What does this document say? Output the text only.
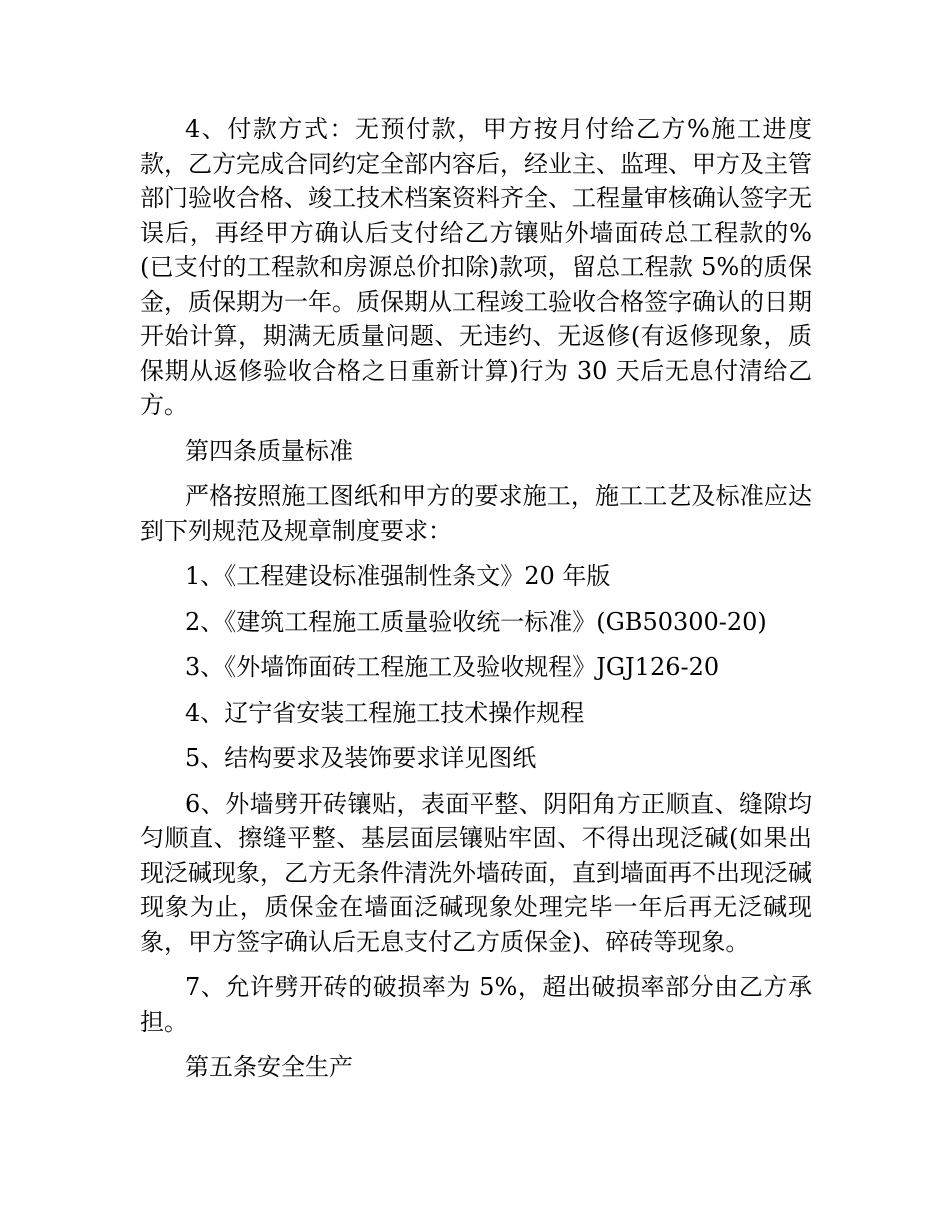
4、付款方式：无预付款，甲方按月付给乙方%施工进度款，乙方完成合同约定全部内容后，经业主、监理、甲方及主管部门验收合格、竣工技术档案资料齐全、工程量审核确认签字无误后，再经甲方确认后支付给乙方镶贴外墙面砖总工程款的%(已支付的工程款和房源总价扣除)款项，留总工程款 5%的质保金，质保期为一年。质保期从工程竣工验收合格签字确认的日期开始计算，期满无质量问题、无违约、无返修(有返修现象，质保期从返修验收合格之日重新计算)行为 30 天后无息付清给乙方。

第四条质量标准

严格按照施工图纸和甲方的要求施工，施工工艺及标准应达到下列规范及规章制度要求：

1、《工程建设标准强制性条文》20 年版

2、《建筑工程施工质量验收统一标准》(GB50300-20)

3、《外墙饰面砖工程施工及验收规程》JGJ126-20

4、辽宁省安装工程施工技术操作规程

5、结构要求及装饰要求详见图纸

6、外墙劈开砖镶贴，表面平整、阴阳角方正顺直、缝隙均匀顺直、擦缝平整、基层面层镶贴牢固、不得出现泛碱(如果出现泛碱现象，乙方无条件清洗外墙砖面，直到墙面再不出现泛碱现象为止，质保金在墙面泛碱现象处理完毕一年后再无泛碱现象，甲方签字确认后无息支付乙方质保金)、碎砖等现象。

7、允许劈开砖的破损率为 5%，超出破损率部分由乙方承担。

第五条安全生产
